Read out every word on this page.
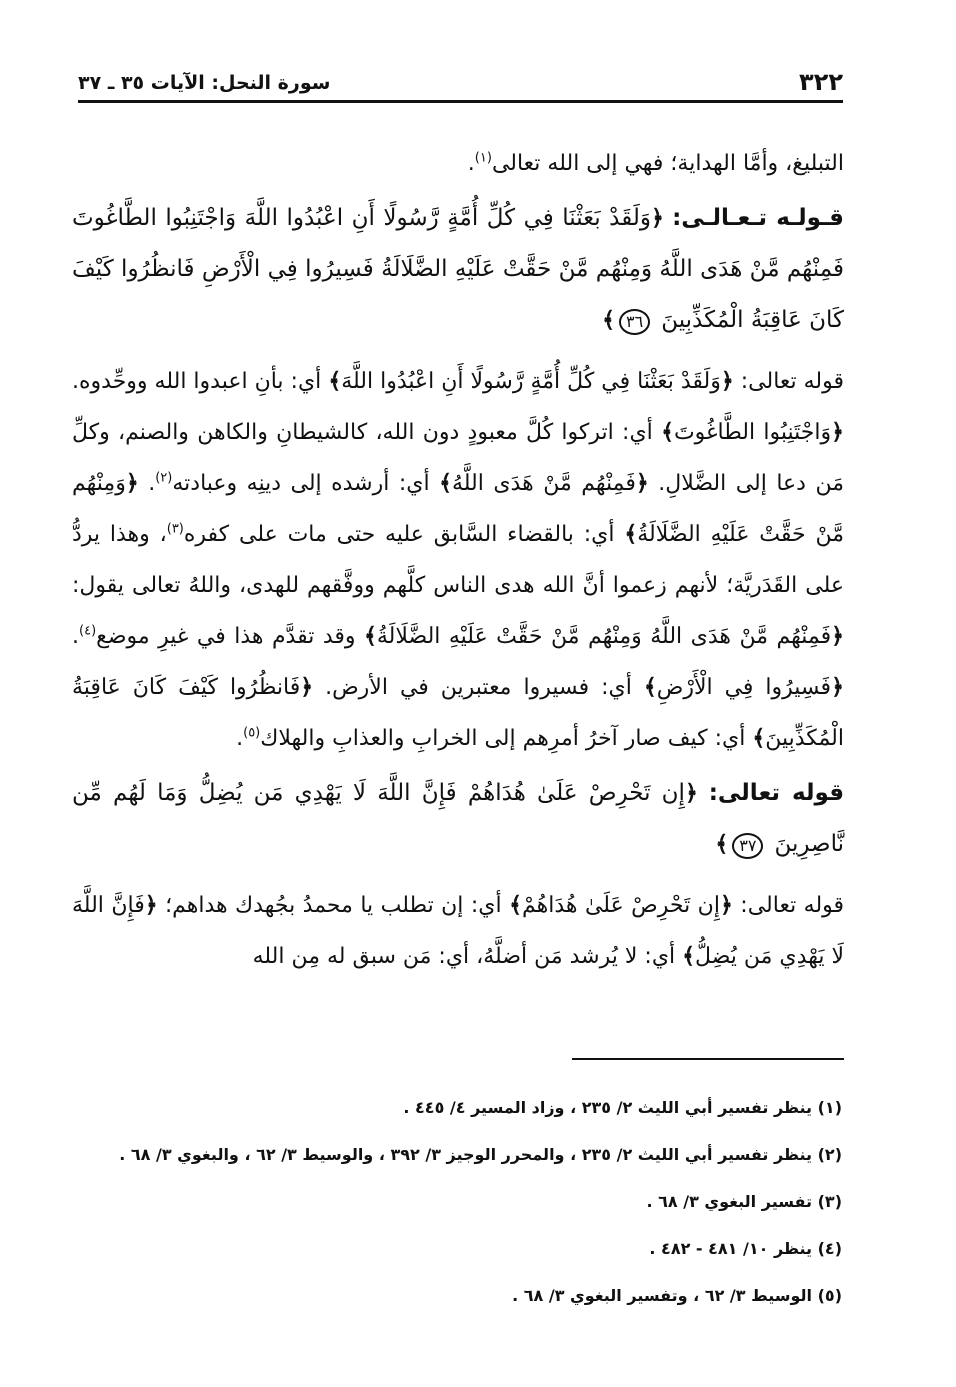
٣٢٢
سورة النحل: الآيات ٣٥ ـ ٣٧

التبليغ، وأمَّا الهداية؛ فهي إلى الله تعالى$^{(١)}$.

قـولـه تـعـالـى: ﴿وَلَقَدْ بَعَثْنَا فِي كُلِّ أُمَّةٍ رَّسُولًا أَنِ اعْبُدُوا اللَّهَ وَاجْتَنِبُوا الطَّاغُوتَ فَمِنْهُم مَّنْ هَدَى اللَّهُ وَمِنْهُم مَّنْ حَقَّتْ عَلَيْهِ الضَّلَالَةُ فَسِيرُوا فِي الْأَرْضِ فَانظُرُوا كَيْفَ كَانَ عَاقِبَةُ الْمُكَذِّبِينَ ٣٦﴾

قوله تعالى: ﴿وَلَقَدْ بَعَثْنَا فِي كُلِّ أُمَّةٍ رَّسُولًا أَنِ اعْبُدُوا اللَّهَ﴾ أي: بأنِ اعبدوا الله ووحِّدوه. ﴿وَاجْتَنِبُوا الطَّاغُوتَ﴾ أي: اتركوا كُلَّ معبودٍ دون الله، كالشيطانِ والكاهن والصنم، وكلِّ مَن دعا إلى الضَّلالِ. ﴿فَمِنْهُم مَّنْ هَدَى اللَّهُ﴾ أي: أرشده إلى دينِه وعبادته$^{(٢)}$. ﴿وَمِنْهُم مَّنْ حَقَّتْ عَلَيْهِ الضَّلَالَةُ﴾ أي: بالقضاء السَّابق عليه حتى مات على كفره$^{(٣)}$، وهذا يردُّ على القَدَريَّة؛ لأنهم زعموا أنَّ الله هدى الناس كلَّهم ووفَّقهم للهدى، واللهُ تعالى يقول: ﴿فَمِنْهُم مَّنْ هَدَى اللَّهُ وَمِنْهُم مَّنْ حَقَّتْ عَلَيْهِ الضَّلَالَةُ﴾ وقد تقدَّم هذا في غيرِ موضع$^{(٤)}$. ﴿فَسِيرُوا فِي الْأَرْضِ﴾ أي: فسيروا معتبرين في الأرض. ﴿فَانظُرُوا كَيْفَ كَانَ عَاقِبَةُ الْمُكَذِّبِينَ﴾ أي: كيف صار آخرُ أمرِهم إلى الخرابِ والعذابِ والهلاك$^{(٥)}$.

قوله تعالى: ﴿إِن تَحْرِصْ عَلَىٰ هُدَاهُمْ فَإِنَّ اللَّهَ لَا يَهْدِي مَن يُضِلُّ وَمَا لَهُم مِّن نَّاصِرِينَ ٣٧﴾

قوله تعالى: ﴿إِن تَحْرِصْ عَلَىٰ هُدَاهُمْ﴾ أي: إن تطلب يا محمدُ بجُهدك هداهم؛ ﴿فَإِنَّ اللَّهَ لَا يَهْدِي مَن يُضِلُّ﴾ أي: لا يُرشد مَن أضلَّهُ، أي: مَن سبق له مِن الله

(١) ينظر تفسير أبي الليث ٢/ ٢٣٥ ، وزاد المسير ٤/ ٤٤٥ .
(٢) ينظر تفسير أبي الليث ٢/ ٢٣٥ ، والمحرر الوجيز ٣/ ٣٩٢ ، والوسيط ٣/ ٦٢ ، والبغوي ٣/ ٦٨ .
(٣) تفسير البغوي ٣/ ٦٨ .
(٤) ينظر ١٠/ ٤٨١ - ٤٨٢ .
(٥) الوسيط ٣/ ٦٢ ، وتفسير البغوي ٣/ ٦٨ .
